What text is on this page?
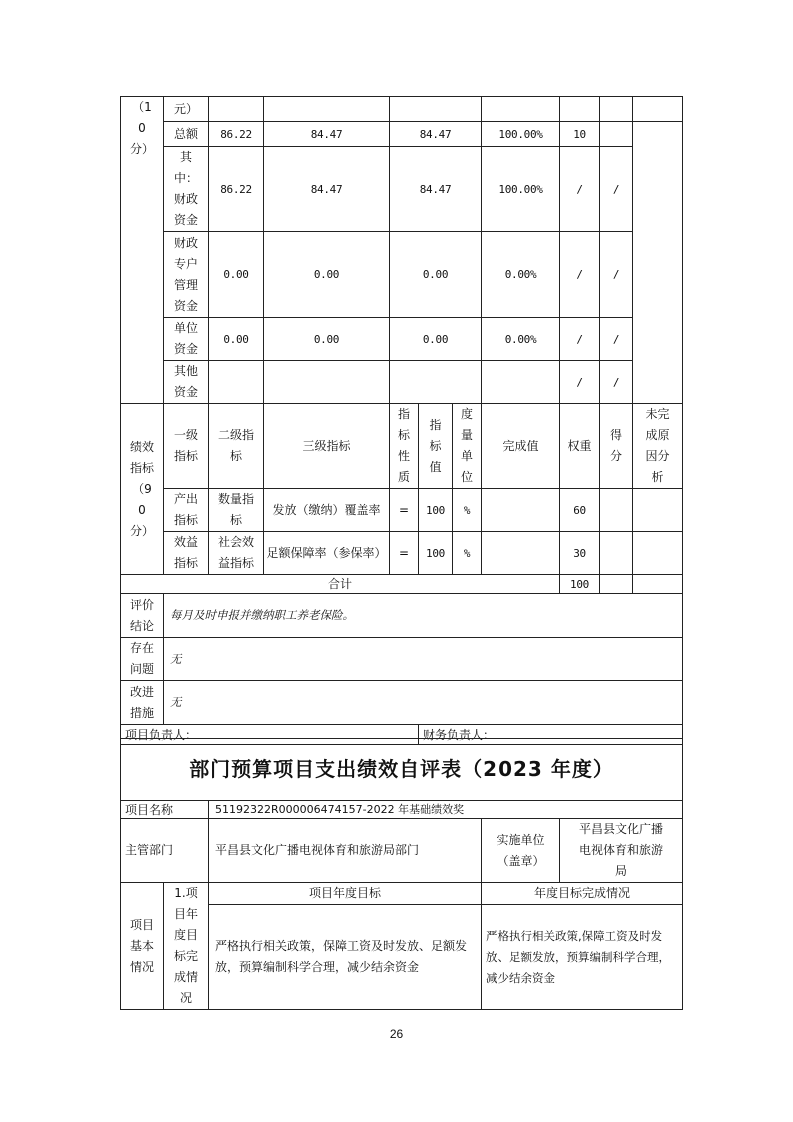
（10分）	元）									
	总额	86.22	84.47	84.47			100.00%	10		
	其中：财政资金	86.22	84.47	84.47			100.00%	/	/	
	财政专户管理资金	0.00	0.00	0.00			0.00%	/	/	
	单位资金	0.00	0.00	0.00			0.00%	/	/	
	其他资金							/	/	
绩效指标（90分）	一级指标	二级指标	三级指标	指标性质	指标值	度量单位	完成值	权重	得分	未完成原因分析
	产出指标	数量指标	发放（缴纳）覆盖率	=	100	%		60		
	效益指标	社会效益指标	足额保障率（参保率）	=	100	%		30		
合计								100		
评价结论	每月及时申报并缴纳职工养老保险。									
存在问题	无									
改进措施	无									
项目负责人：					财务负责人：					
部门预算项目支出绩效自评表（2023 年度）				
项目名称		51192322R000006474157-2022 年基础绩效奖		
主管部门		平昌县文化广播电视体育和旅游局部门	实施单位（盖章）	平昌县文化广播电视体育和旅游局
项目基本情况	1.项目年度目标完成情况	项目年度目标	年度目标完成情况	
		严格执行相关政策，保障工资及时发放、足额发放，预算编制科学合理，减少结余资金	严格执行相关政策,保障工资及时发放、足额发放，预算编制科学合理，减少结余资金	
26
